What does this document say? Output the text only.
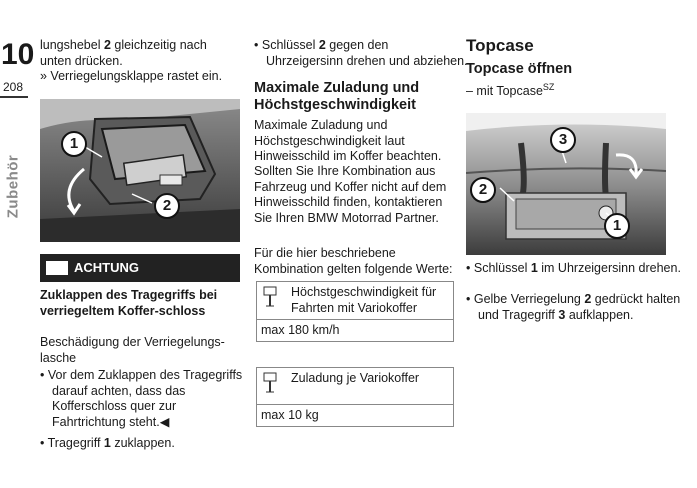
10
208
Zubehör
lungshebel 2 gleichzeitig nach unten drücken.
» Verriegelungsklappe rastet ein.
1
2
ACHTUNG
Zuklappen des Tragegriffs bei verriegeltem Koffer-schloss
Beschädigung der Verriegelungs-lasche
• Vor dem Zuklappen des Tragegriffs darauf achten, dass das Kofferschloss quer zur Fahrtrichtung steht.◀
• Tragegriff 1 zuklappen.
• Schlüssel 2 gegen den Uhrzeigersinn drehen und abziehen.
Maximale Zuladung und Höchstgeschwindigkeit
Maximale Zuladung und Höchstgeschwindigkeit laut Hinweisschild im Koffer beachten.
Sollten Sie Ihre Kombination aus Fahrzeug und Koffer nicht auf dem Hinweisschild finden, kontaktieren Sie Ihren BMW Motorrad Partner.
Für die hier beschriebene Kombination gelten folgende Werte:
Höchstgeschwindigkeit für Fahrten mit Variokoffer
max 180 km/h
Zuladung je Variokoffer
max 10 kg
Topcase
Topcase öffnen
– mit Topcase$^{SZ}$
3
2
1
• Schlüssel 1 im Uhrzeigersinn drehen.
• Gelbe Verriegelung 2 gedrückt halten und Tragegriff 3 aufklappen.
